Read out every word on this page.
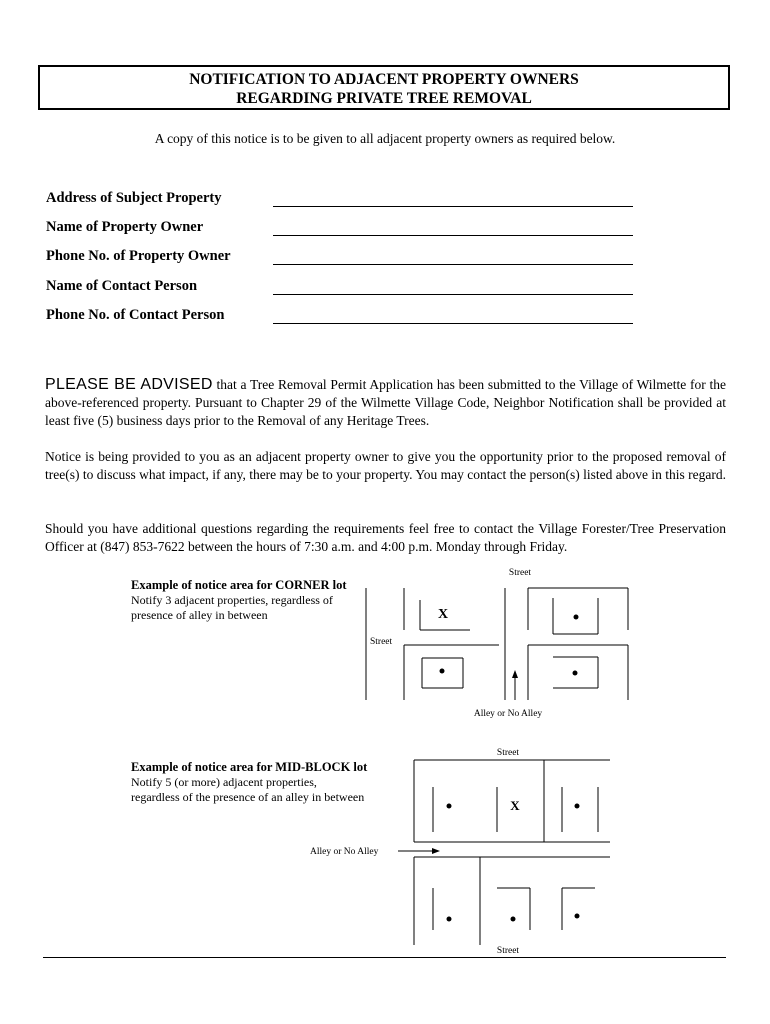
NOTIFICATION TO ADJACENT PROPERTY OWNERS
REGARDING PRIVATE TREE REMOVAL
A copy of this notice is to be given to all adjacent property owners as required below.
Address of Subject Property
Name of Property Owner
Phone No. of Property Owner
Name of Contact Person
Phone No. of Contact Person
PLEASE BE ADVISED that a Tree Removal Permit Application has been submitted to the Village of Wilmette for the above-referenced property. Pursuant to Chapter 29 of the Wilmette Village Code, Neighbor Notification shall be provided at least five (5) business days prior to the Removal of any Heritage Trees.
Notice is being provided to you as an adjacent property owner to give you the opportunity prior to the proposed removal of tree(s) to discuss what impact, if any, there may be to your property. You may contact the person(s) listed above in this regard.
Should you have additional questions regarding the requirements feel free to contact the Village Forester/Tree Preservation Officer at (847) 853-7622 between the hours of 7:30 a.m. and 4:00 p.m. Monday through Friday.
Example of notice area for CORNER lot
Notify 3 adjacent properties, regardless of
presence of alley in between
Example of notice area for MID-BLOCK lot
Notify 5 (or more) adjacent properties,
regardless of the presence of an alley in between
X
Street
Street
Alley or No Alley
X
Street
Street
Alley or No Alley
